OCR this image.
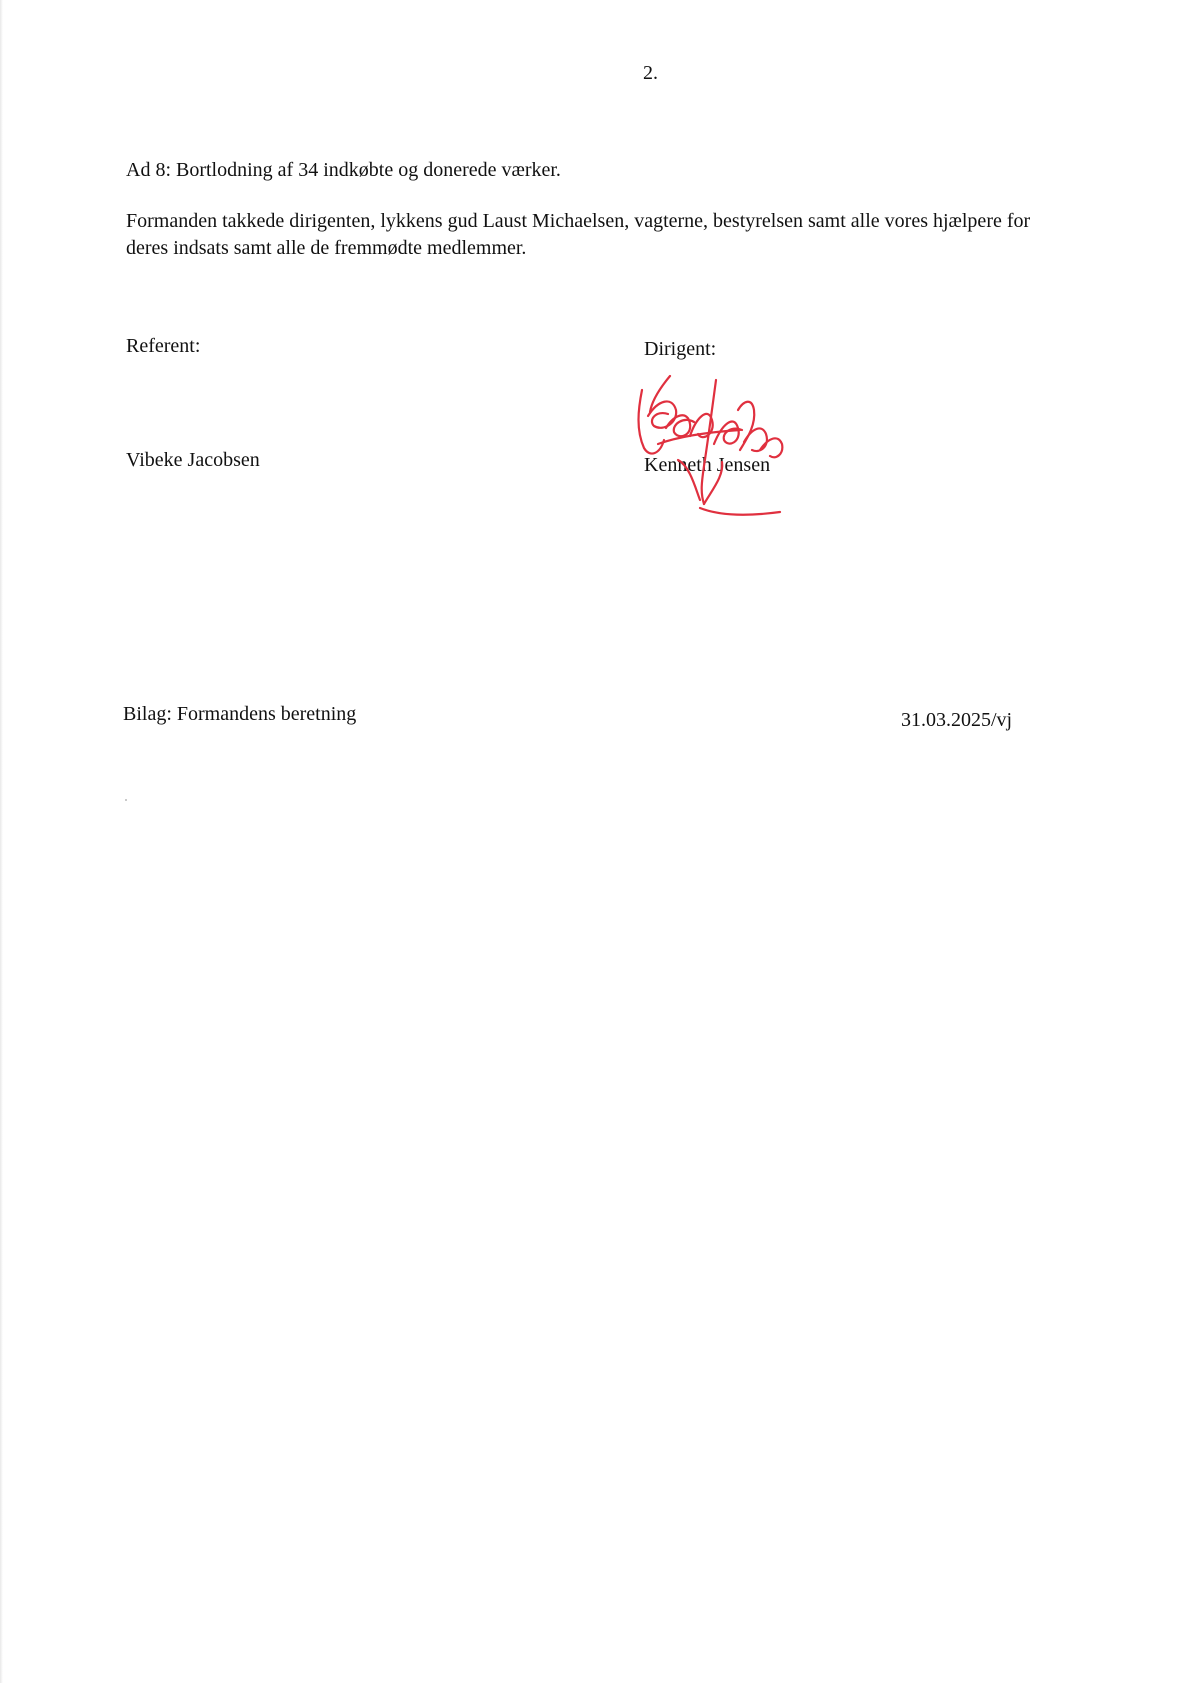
2.
Ad 8: Bortlodning af 34 indkøbte og donerede værker.
Formanden takkede dirigenten, lykkens gud Laust Michaelsen, vagterne, bestyrelsen samt alle vores hjælpere for
deres indsats samt alle de fremmødte medlemmer.
Referent:	Dirigent:
Vibeke Jacobsen	Kenneth Jensen
Bilag: Formandens beretning	31.03.2025/vj
